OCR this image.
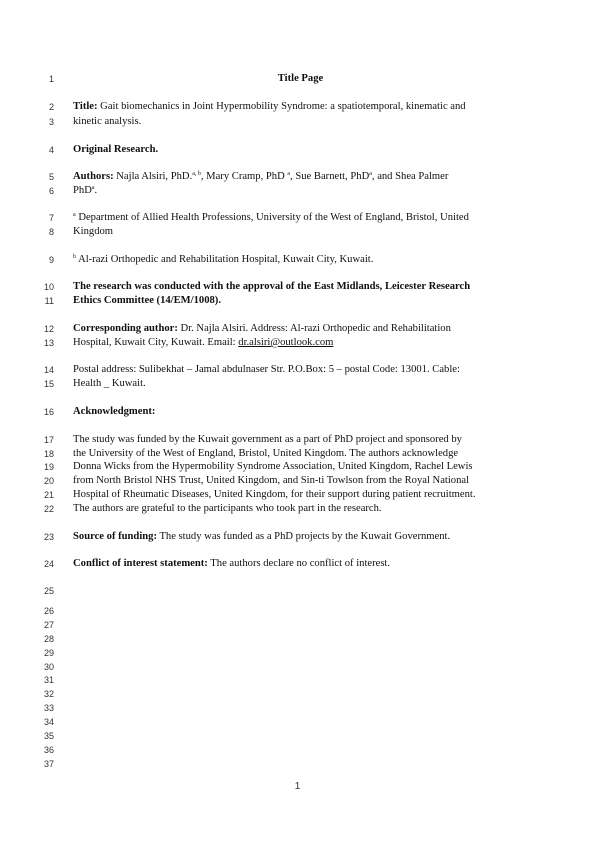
1
2
3
4
5
6
7
8
9
10
11
12
13
14
15
16
17
18
19
20
21
22
23
24
25
26
27
28
29
30
31
32
33
34
35
36
37
Title Page
Title: Gait biomechanics in Joint Hypermobility Syndrome: a spatiotemporal, kinematic and
kinetic analysis.
Original Research.
Authors: Najla Alsiri, PhD.$^{a, b}$, Mary Cramp, PhD $^a$, Sue Barnett, PhD$^a$, and Shea Palmer
PhD$^a$.
$^a$ Department of Allied Health Professions, University of the West of England, Bristol, United
Kingdom
$^b$ Al-razi Orthopedic and Rehabilitation Hospital, Kuwait City, Kuwait.
The research was conducted with the approval of the East Midlands, Leicester Research
Ethics Committee (14/EM/1008).
Corresponding author: Dr. Najla Alsiri. Address: Al-razi Orthopedic and Rehabilitation
Hospital, Kuwait City, Kuwait. Email: dr.alsiri@outlook.com
Postal address: Sulibekhat – Jamal abdulnaser Str. P.O.Box: 5 – postal Code: 13001. Cable:
Health _ Kuwait.
Acknowledgment:
The study was funded by the Kuwait government as a part of PhD project and sponsored by
the University of the West of England, Bristol, United Kingdom. The authors acknowledge
Donna Wicks from the Hypermobility Syndrome Association, United Kingdom, Rachel Lewis
from North Bristol NHS Trust, United Kingdom, and Sin-ti Towlson from the Royal National
Hospital of Rheumatic Diseases, United Kingdom, for their support during patient recruitment.
The authors are grateful to the participants who took part in the research.
Source of funding: The study was funded as a PhD projects by the Kuwait Government.
Conflict of interest statement: The authors declare no conflict of interest.
1
